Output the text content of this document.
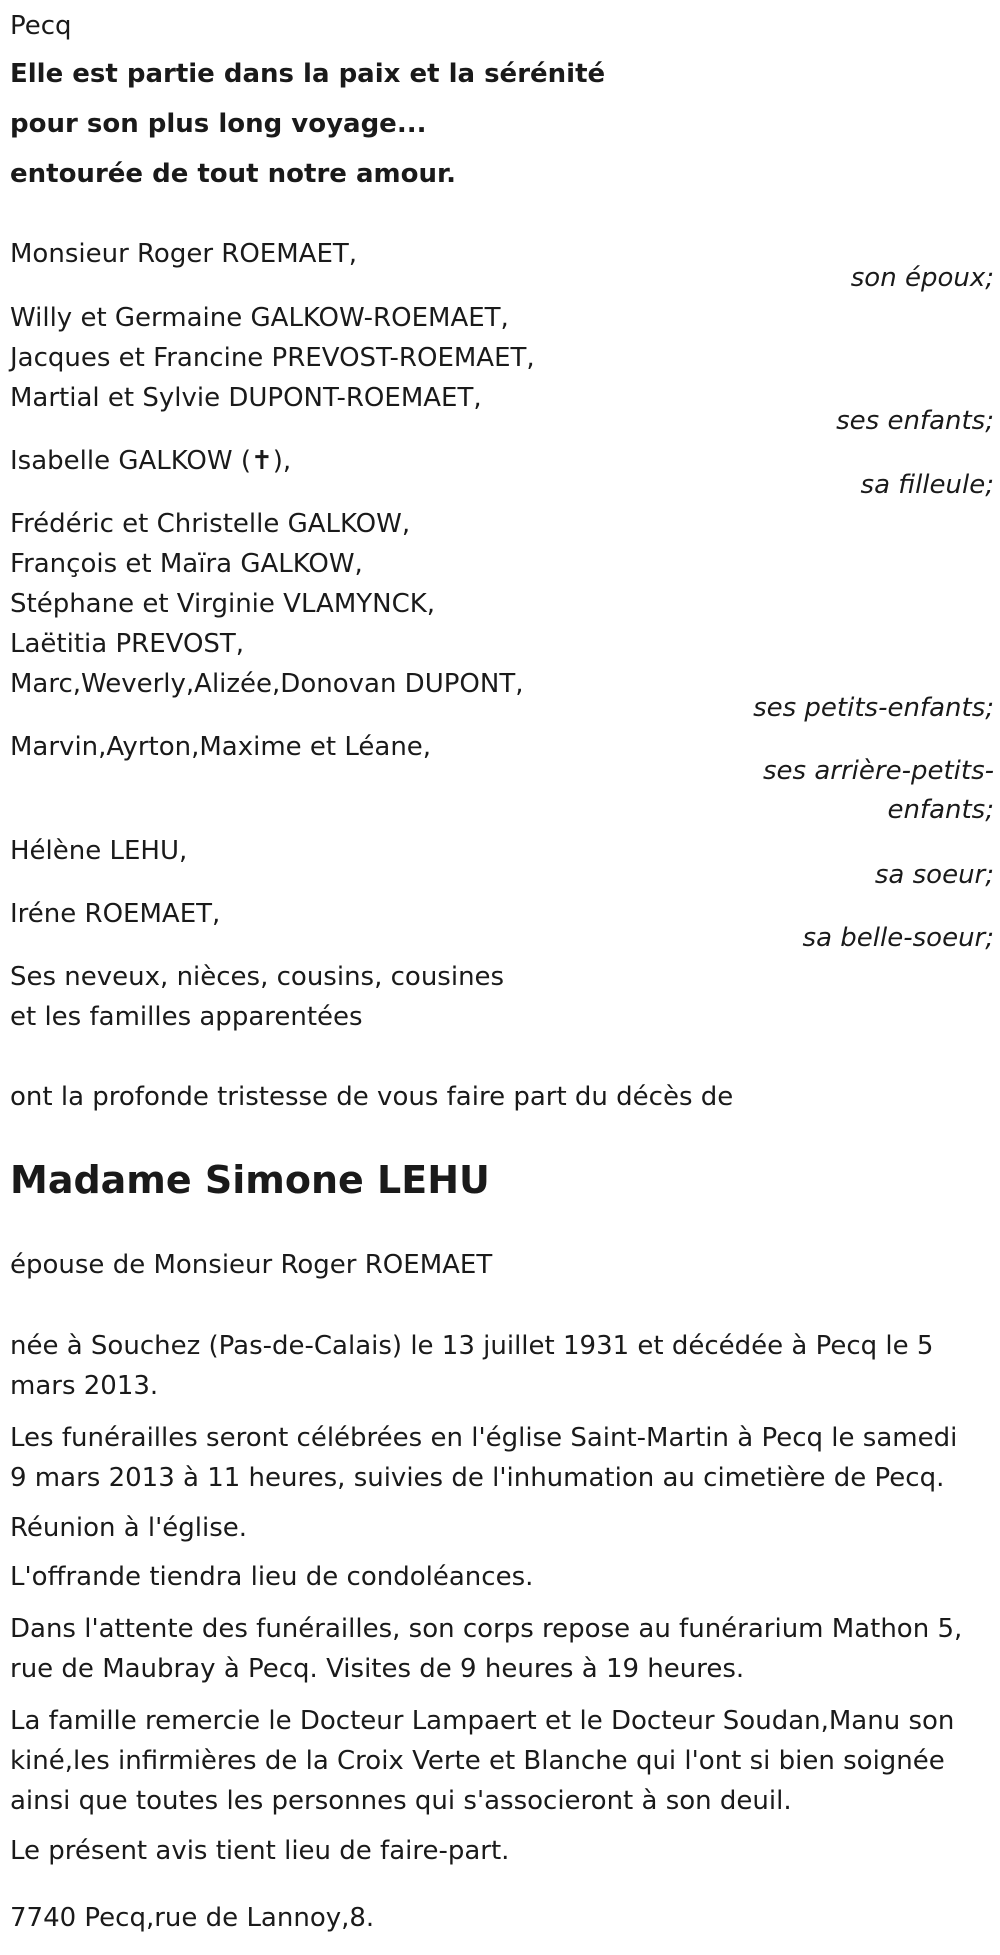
Pecq
Elle est partie dans la paix et la sérénité
pour son plus long voyage...
entourée de tout notre amour.
Monsieur Roger ROEMAET,
son époux;
Willy et Germaine GALKOW-ROEMAET,
Jacques et Francine PREVOST-ROEMAET,
Martial et Sylvie DUPONT-ROEMAET,
ses enfants;
Isabelle GALKOW (✝),
sa filleule;
Frédéric et Christelle GALKOW,
François et Maïra GALKOW,
Stéphane et Virginie VLAMYNCK,
Laëtitia PREVOST,
Marc,Weverly,Alizée,Donovan DUPONT,
ses petits-enfants;
Marvin,Ayrton,Maxime et Léane,
ses arrière-petits-
enfants;
Hélène LEHU,
sa soeur;
Iréne ROEMAET,
sa belle-soeur;
Ses neveux, nièces, cousins, cousines
et les familles apparentées
ont la profonde tristesse de vous faire part du décès de
Madame Simone LEHU
épouse de Monsieur Roger ROEMAET
née à Souchez (Pas-de-Calais) le 13 juillet 1931 et décédée à Pecq le 5
mars 2013.
Les funérailles seront célébrées en l'église Saint-Martin à Pecq le samedi
9 mars 2013 à 11 heures, suivies de l'inhumation au cimetière de Pecq.
Réunion à l'église.
L'offrande tiendra lieu de condoléances.
Dans l'attente des funérailles, son corps repose au funérarium Mathon 5,
rue de Maubray à Pecq. Visites de 9 heures à 19 heures.
La famille remercie le Docteur Lampaert et le Docteur Soudan,Manu son
kiné,les infirmières de la Croix Verte et Blanche qui l'ont si bien soignée
ainsi que toutes les personnes qui s'associeront à son deuil.
Le présent avis tient lieu de faire-part.
7740 Pecq,rue de Lannoy,8.
